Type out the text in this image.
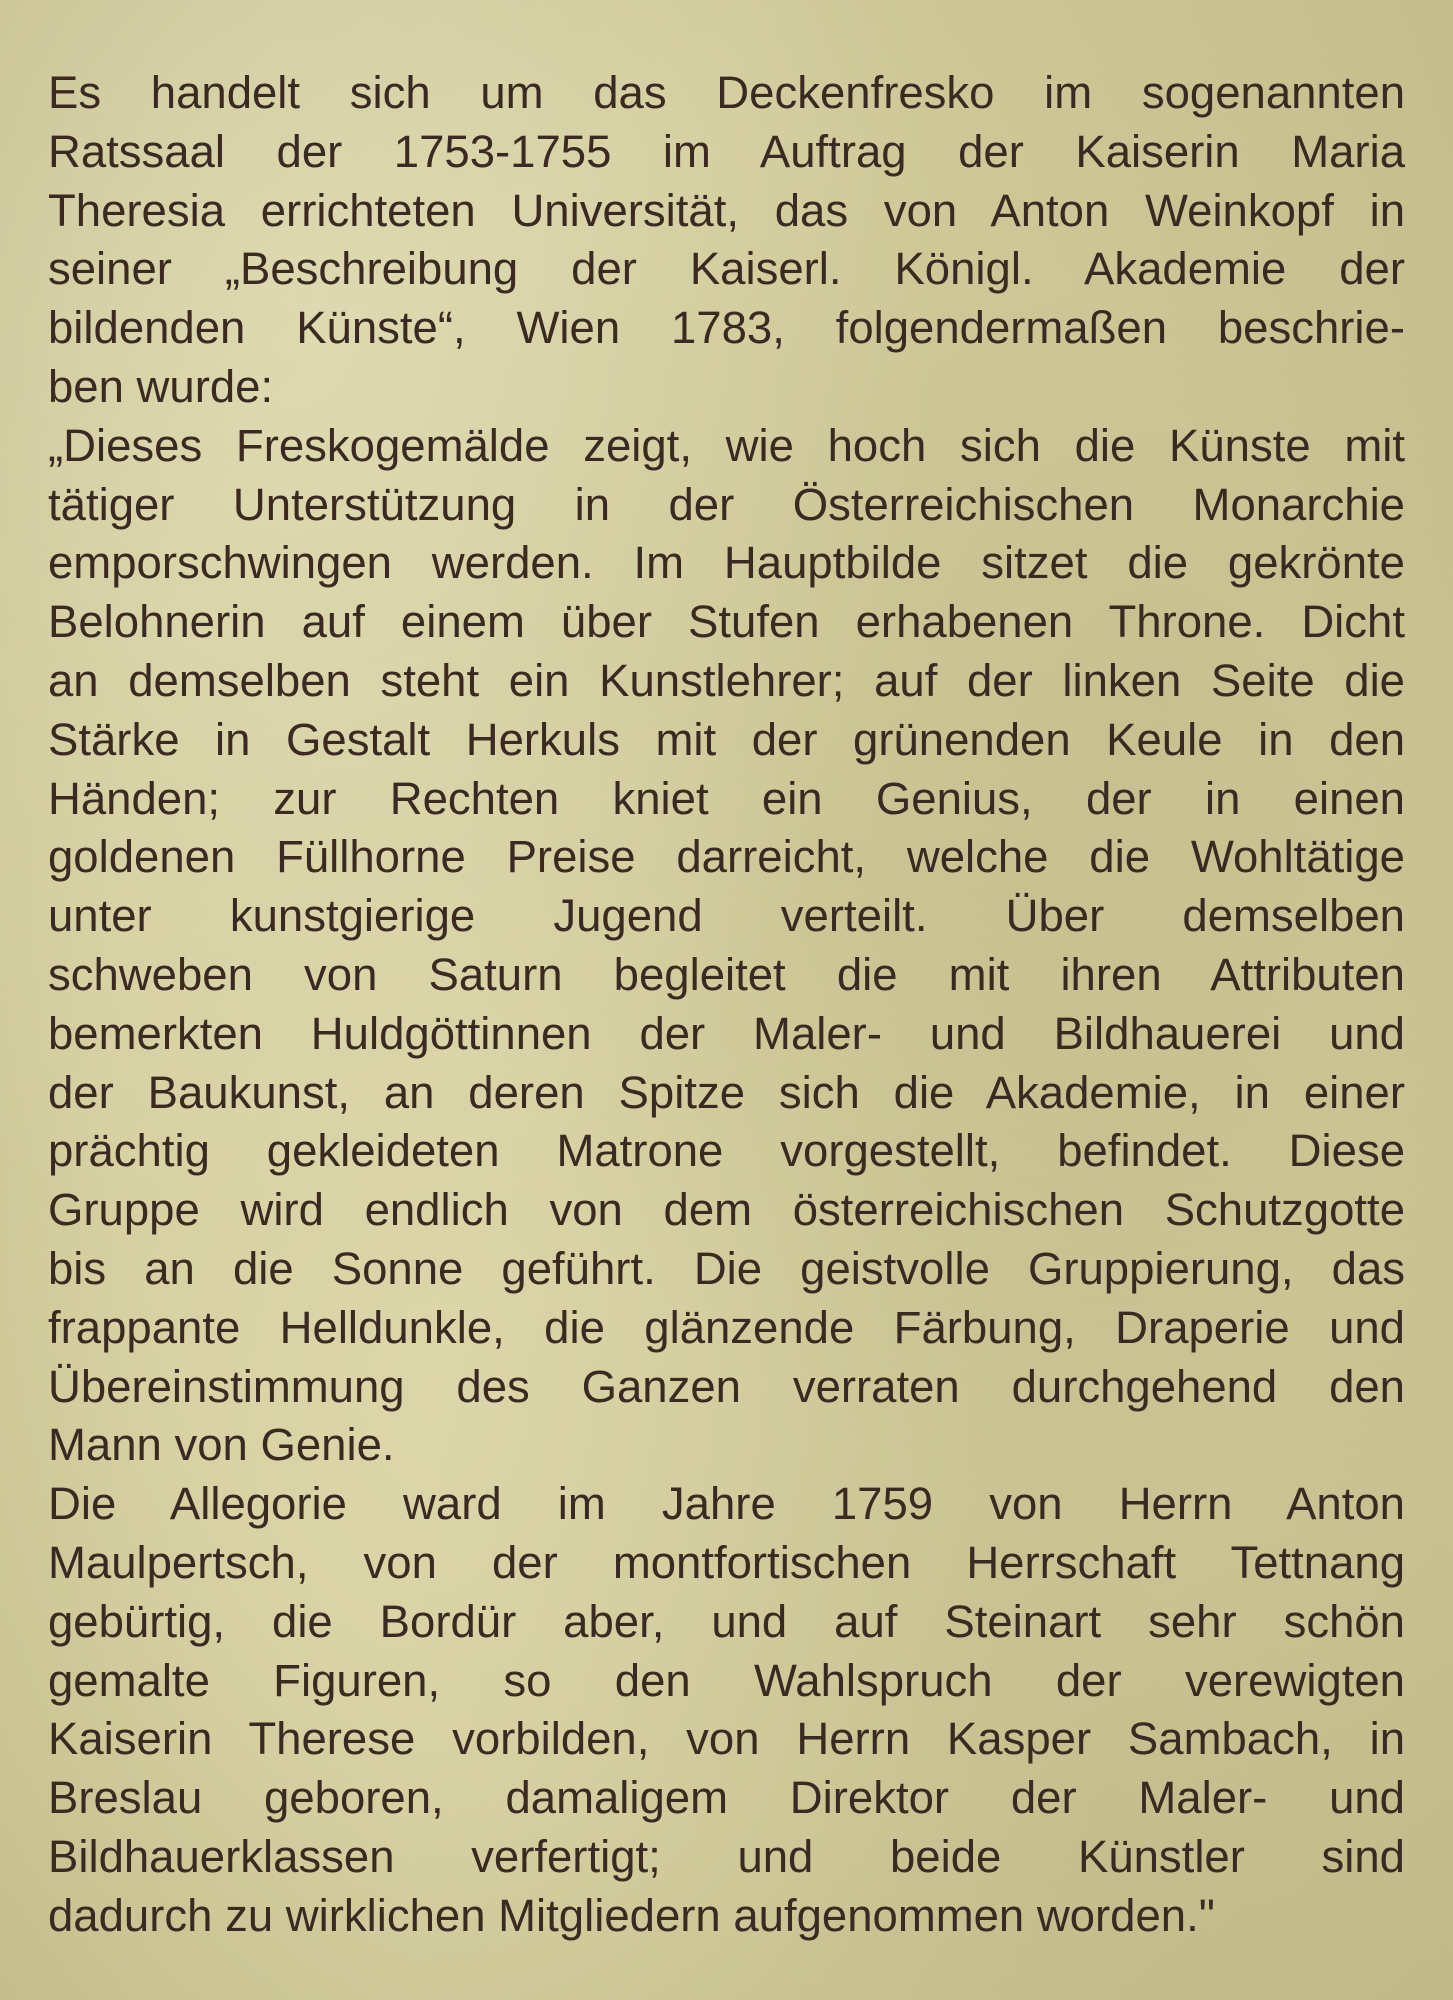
Es handelt sich um das Deckenfresko im sogenannten
Ratssaal der 1753-1755 im Auftrag der Kaiserin Maria
Theresia errichteten Universität, das von Anton Weinkopf in
seiner „Beschreibung der Kaiserl. Königl. Akademie der
bildenden Künste“, Wien 1783, folgendermaßen beschrie-
ben wurde:
„Dieses Freskogemälde zeigt, wie hoch sich die Künste mit
tätiger Unterstützung in der Österreichischen Monarchie
emporschwingen werden. Im Hauptbilde sitzet die gekrönte
Belohnerin auf einem über Stufen erhabenen Throne. Dicht
an demselben steht ein Kunstlehrer; auf der linken Seite die
Stärke in Gestalt Herkuls mit der grünenden Keule in den
Händen; zur Rechten kniet ein Genius, der in einen
goldenen Füllhorne Preise darreicht, welche die Wohltätige
unter kunstgierige Jugend verteilt. Über demselben
schweben von Saturn begleitet die mit ihren Attributen
bemerkten Huldgöttinnen der Maler- und Bildhauerei und
der Baukunst, an deren Spitze sich die Akademie, in einer
prächtig gekleideten Matrone vorgestellt, befindet. Diese
Gruppe wird endlich von dem österreichischen Schutzgotte
bis an die Sonne geführt. Die geistvolle Gruppierung, das
frappante Helldunkle, die glänzende Färbung, Draperie und
Übereinstimmung des Ganzen verraten durchgehend den
Mann von Genie.
Die Allegorie ward im Jahre 1759 von Herrn Anton
Maulpertsch, von der montfortischen Herrschaft Tettnang
gebürtig, die Bordür aber, und auf Steinart sehr schön
gemalte Figuren, so den Wahlspruch der verewigten
Kaiserin Therese vorbilden, von Herrn Kasper Sambach, in
Breslau geboren, damaligem Direktor der Maler- und
Bildhauerklassen verfertigt; und beide Künstler sind
dadurch zu wirklichen Mitgliedern aufgenommen worden."
